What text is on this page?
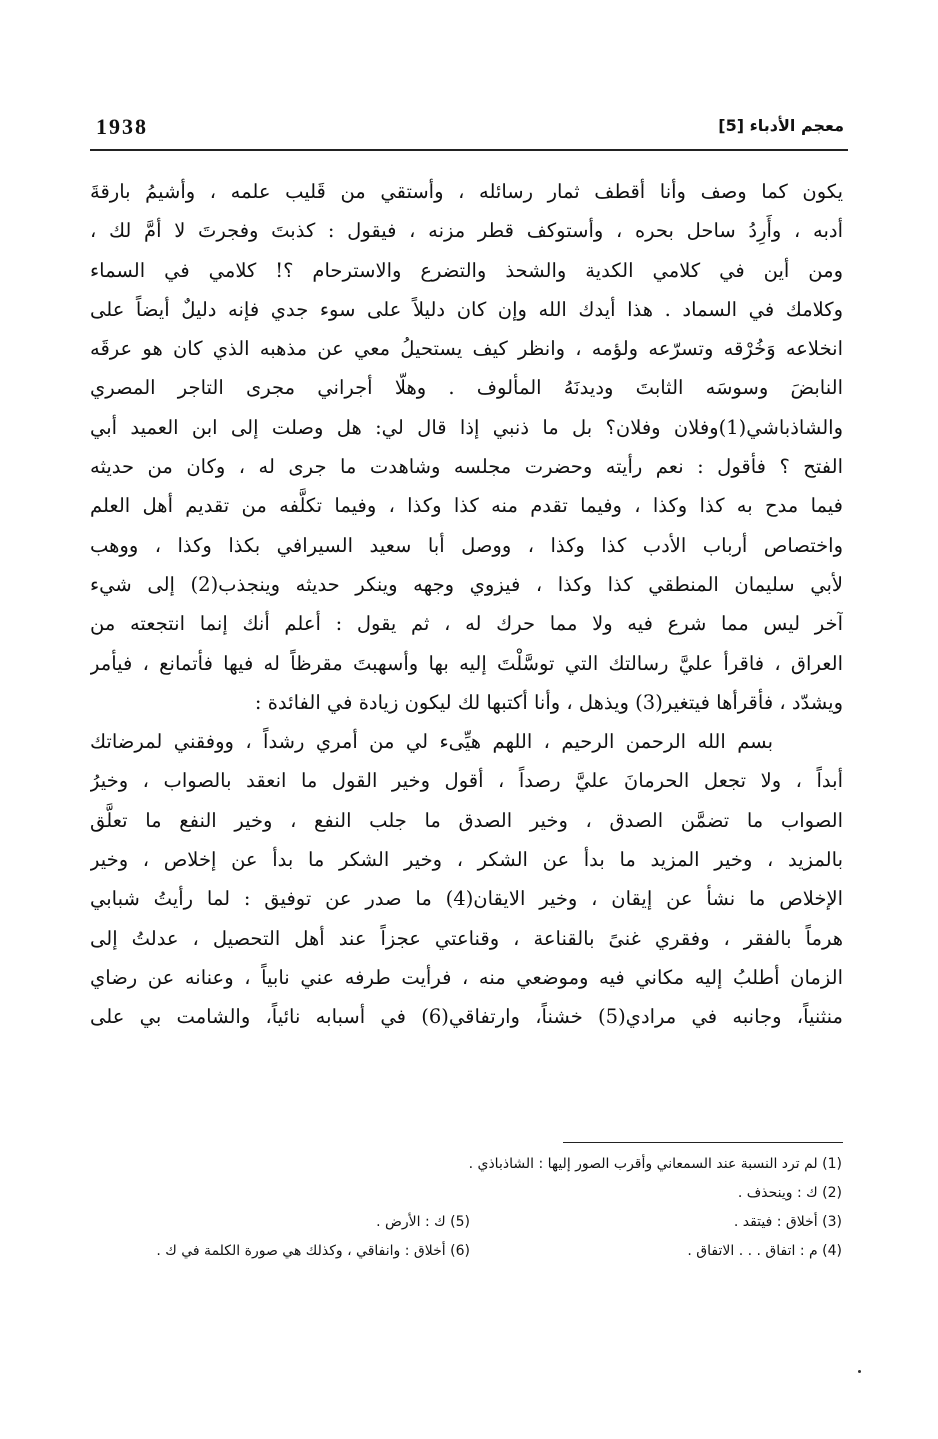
1938	معجم الأدباء [5]
يكون كما وصف وأنا أقطف ثمار رسائله ، وأستقي من قَليب علمه ، وأشيمُ بارقةَ
أدبه ، وأَرِدُ ساحل بحره ، وأستوكف قطر مزنه ، فيقول : كذبتَ وفجرتَ لا أمَّ لك ،
ومن أين في كلامي الكدية والشحذ والتضرع والاسترحام ؟! كلامي في السماء
وكلامك في السماد . هذا أيدك الله وإن كان دليلاً على سوء جدي فإنه دليلٌ أيضاً على
انخلاعه وَخُرْقه وتسرّعه ولؤمه ، وانظر كيف يستحيلُ معي عن مذهبه الذي كان هو عرقَه
النابضَ وسوسَه الثابتَ وديدنَهُ المألوف . وهلّا أجراني مجرى التاجر المصري
والشاذباشي(1)وفلان وفلان؟ بل ما ذنبي إذا قال لي: هل وصلت إلى ابن العميد أبي
الفتح ؟ فأقول : نعم رأيته وحضرت مجلسه وشاهدت ما جرى له ، وكان من حديثه
فيما مدح به كذا وكذا ، وفيما تقدم منه كذا وكذا ، وفيما تكلَّفه من تقديم أهل العلم
واختصاص أرباب الأدب كذا وكذا ، ووصل أبا سعيد السيرافي بكذا وكذا ، ووهب
لأبي سليمان المنطقي كذا وكذا ، فيزوي وجهه وينكر حديثه وينجذب(2) إلى شيء
آخر ليس مما شرع فيه ولا مما حرك له ، ثم يقول : أعلم أنك إنما انتجعته من
العراق ، فاقرأ عليَّ رسالتك التي توسَّلْتَ إليه بها وأسهبتَ مقرظاً له فيها فأتمانع ، فيأمر
ويشدّد ، فأقرأها فيتغير(3) ويذهل ، وأنا أكتبها لك ليكون زيادة في الفائدة :
بسم الله الرحمن الرحيم ، اللهم هيِّىء لي من أمري رشداً ، ووفقني لمرضاتك
أبداً ، ولا تجعل الحرمانَ عليَّ رصداً ، أقول وخير القول ما انعقد بالصواب ، وخيرُ
الصواب ما تضمَّن الصدق ، وخير الصدق ما جلب النفع ، وخير النفع ما تعلَّق
بالمزيد ، وخير المزيد ما بدأ عن الشكر ، وخير الشكر ما بدأ عن إخلاص ، وخير
الإخلاص ما نشأ عن إيقان ، وخير الايقان(4) ما صدر عن توفيق : لما رأيتُ شبابي
هرماً بالفقر ، وفقري غنىً بالقناعة ، وقناعتي عجزاً عند أهل التحصيل ، عدلتُ إلى
الزمان أطلبُ إليه مكاني فيه وموضعي منه ، فرأيت طرفه عني نابياً ، وعنانه عن رضاي
منثنياً، وجانبه في مرادي(5) خشناً، وارتفاقي(6) في أسبابه نائياً، والشامت بي على
(1) لم ترد النسبة عند السمعاني وأقرب الصور إليها : الشاذباذي .
(2) ك : وينحذف .
(3) أخلاق : فيتقد .
(5) ك : الأرض .
(4) م : اتفاق . . . الاتفاق .
(6) أخلاق : وانفاقي ، وكذلك هي صورة الكلمة في ك .
